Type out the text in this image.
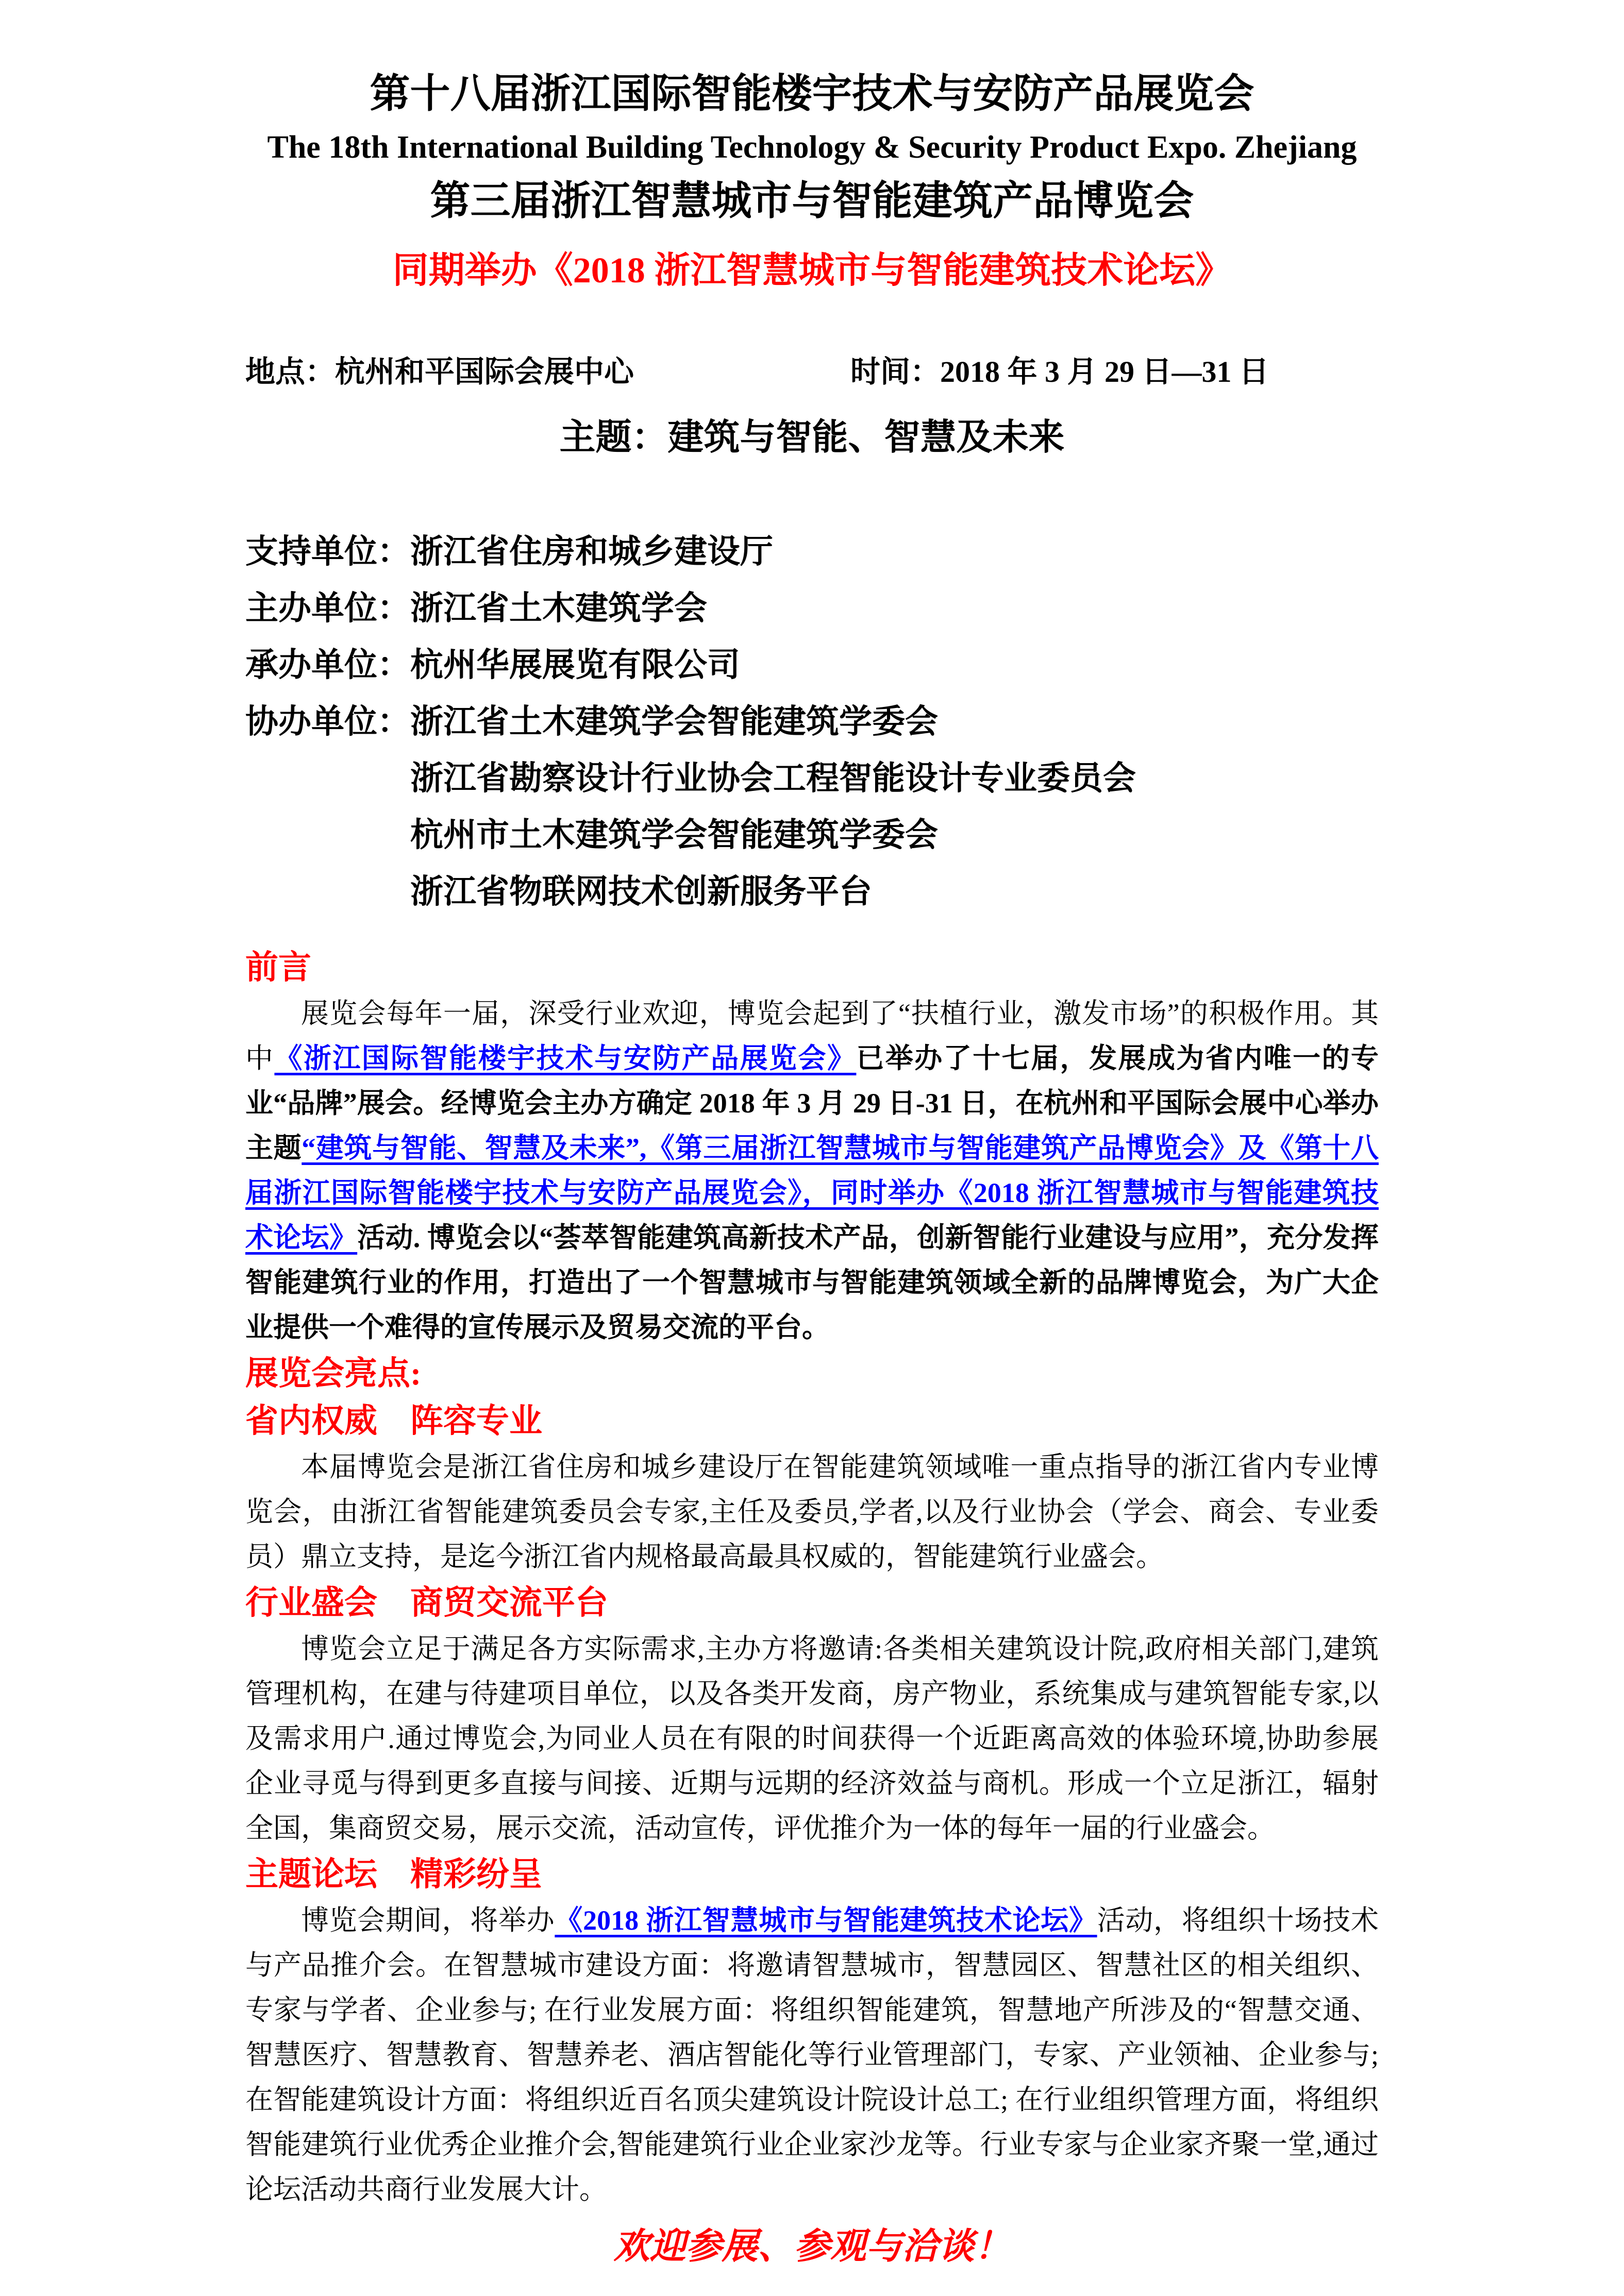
第十八届浙江国际智能楼宇技术与安防产品展览会
The 18th International Building Technology & Security Product Expo. Zhejiang
第三届浙江智慧城市与智能建筑产品博览会
同期举办《2018 浙江智慧城市与智能建筑技术论坛》
地点：杭州和平国际会展中心	时间：2018 年 3 月 29 日—31 日
主题：建筑与智能、智慧及未来
支持单位：浙江省住房和城乡建设厅
主办单位：浙江省土木建筑学会
承办单位：杭州华展展览有限公司
协办单位：浙江省土木建筑学会智能建筑学委会
浙江省勘察设计行业协会工程智能设计专业委员会
杭州市土木建筑学会智能建筑学委会
浙江省物联网技术创新服务平台
前言

展览会每年一届，深受行业欢迎，博览会起到了“扶植行业，激发市场”的积极作用。其中《浙江国际智能楼宇技术与安防产品展览会》已举办了十七届，发展成为省内唯一的专业“品牌”展会。经博览会主办方确定 2018 年 3 月 29 日-31 日，在杭州和平国际会展中心举办主题“建筑与智能、智慧及未来”,《第三届浙江智慧城市与智能建筑产品博览会》及《第十八届浙江国际智能楼宇技术与安防产品展览会》，同时举办《2018 浙江智慧城市与智能建筑技术论坛》活动. 博览会以“荟萃智能建筑高新技术产品，创新智能行业建设与应用”，充分发挥智能建筑行业的作用，打造出了一个智慧城市与智能建筑领域全新的品牌博览会，为广大企业提供一个难得的宣传展示及贸易交流的平台。

展览会亮点:
省内权威　阵容专业

本届博览会是浙江省住房和城乡建设厅在智能建筑领域唯一重点指导的浙江省内专业博览会，由浙江省智能建筑委员会专家,主任及委员,学者,以及行业协会（学会、商会、专业委员）鼎立支持，是迄今浙江省内规格最高最具权威的，智能建筑行业盛会。

行业盛会　商贸交流平台

博览会立足于满足各方实际需求,主办方将邀请:各类相关建筑设计院,政府相关部门,建筑管理机构，在建与待建项目单位，以及各类开发商，房产物业，系统集成与建筑智能专家,以及需求用户.通过博览会,为同业人员在有限的时间获得一个近距离高效的体验环境,协助参展企业寻觅与得到更多直接与间接、近期与远期的经济效益与商机。形成一个立足浙江，辐射全国，集商贸交易，展示交流，活动宣传，评优推介为一体的每年一届的行业盛会。

主题论坛　精彩纷呈

博览会期间，将举办《2018 浙江智慧城市与智能建筑技术论坛》活动，将组织十场技术与产品推介会。在智慧城市建设方面：将邀请智慧城市，智慧园区、智慧社区的相关组织、专家与学者、企业参与; 在行业发展方面：将组织智能建筑，智慧地产所涉及的“智慧交通、智慧医疗、智慧教育、智慧养老、酒店智能化等行业管理部门，专家、产业领袖、企业参与; 在智能建筑设计方面：将组织近百名顶尖建筑设计院设计总工; 在行业组织管理方面，将组织智能建筑行业优秀企业推介会,智能建筑行业企业家沙龙等。行业专家与企业家齐聚一堂,通过论坛活动共商行业发展大计。

欢迎参展、参观与洽谈！
